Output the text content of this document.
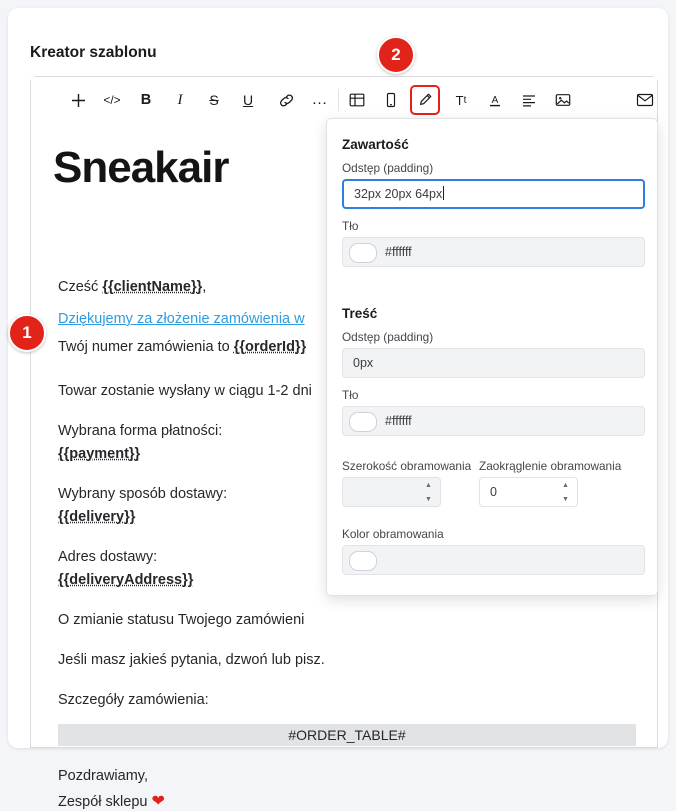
Kreator szablonu
</>	B	I	S	U	…	T t	A
Sneakair
Cześć {{clientName}},
Dziękujemy za złożenie zamówienia w
Twój numer zamówienia to {{orderId}}
Towar zostanie wysłany w ciągu 1-2 dni
Wybrana forma płatności:
{{payment}}
Wybrany sposób dostawy:
{{delivery}}
Adres dostawy:
{{deliveryAddress}}
O zmianie statusu Twojego zamówieni
Jeśli masz jakieś pytania, dzwoń lub pisz.
Szczegóły zamówienia:
#ORDER_TABLE#
Pozdrawiamy,
Zespół sklepu ❤
Zawartość
Odstęp (padding)
32px 20px 64px
Tło
#ffffff
Treść
Odstęp (padding)
0px
Tło
#ffffff
Szerokość obramowania
▲
▼
Zaokrąglenie obramowania
0	▲
▼
Kolor obramowania
1
2
